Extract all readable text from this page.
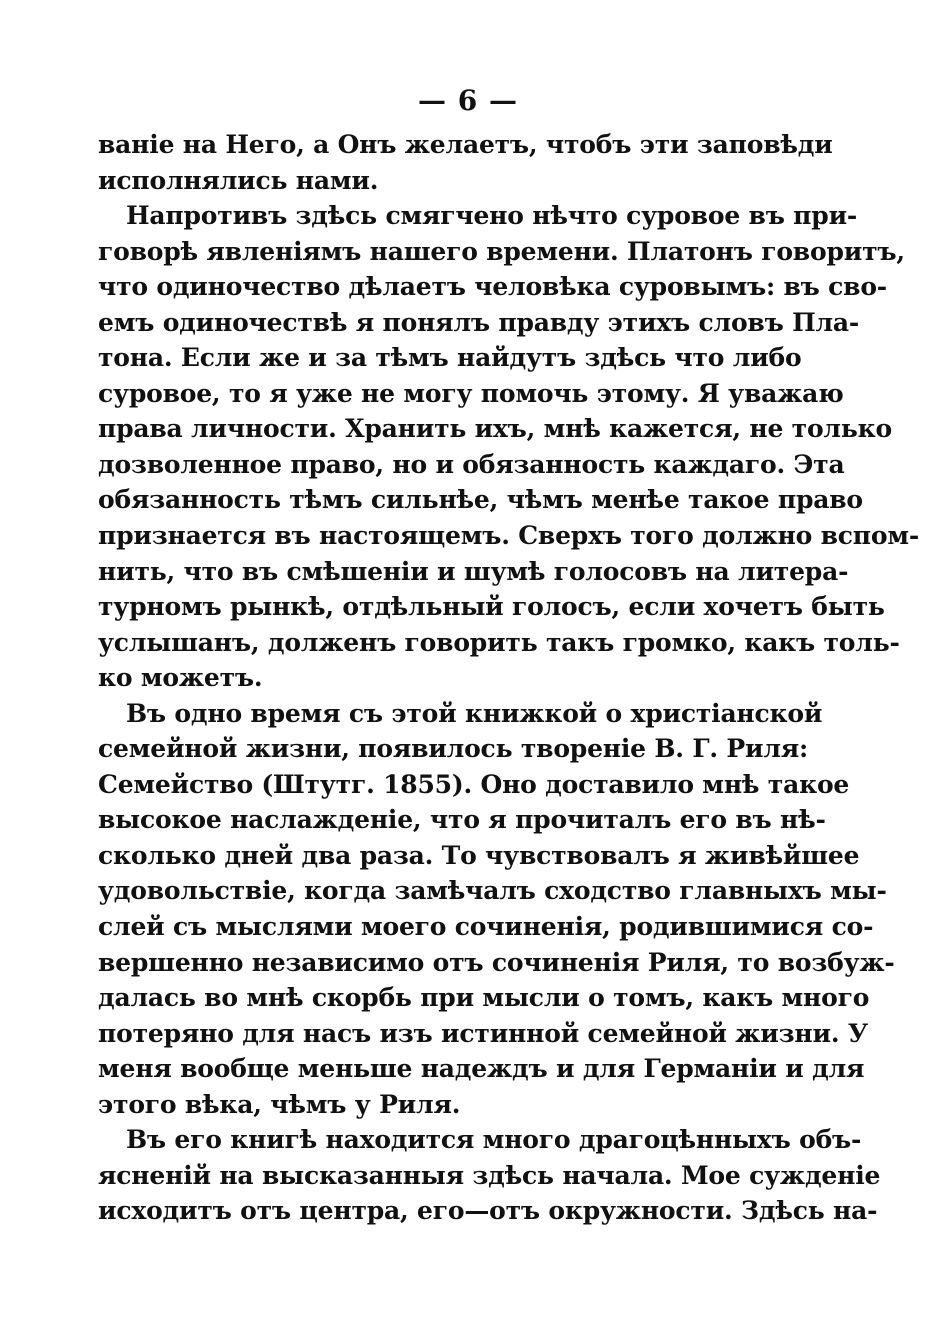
— 6 —
ваніе на Него, а Онъ желаетъ, чтобъ эти заповѣди
исполнялись нами.
Напротивъ здѣсь смягчено нѣчто суровое въ при-
говорѣ явленіямъ нашего времени. Платонъ говоритъ,
что одиночество дѣлаетъ человѣка суровымъ: въ сво-
емъ одиночествѣ я понялъ правду этихъ словъ Пла-
тона. Если же и за тѣмъ найдутъ здѣсь что либо
суровое, то я уже не могу помочь этому. Я уважаю
права личности. Хранить ихъ, мнѣ кажется, не только
дозволенное право, но и обязанность каждаго. Эта
обязанность тѣмъ сильнѣе, чѣмъ менѣе такое право
признается въ настоящемъ. Сверхъ того должно вспом-
нить, что въ смѣшеніи и шумѣ голосовъ на литера-
турномъ рынкѣ, отдѣльный голосъ, если хочетъ быть
услышанъ, долженъ говорить такъ громко, какъ толь-
ко можетъ.
Въ одно время съ этой книжкой о христіанской
семейной жизни, появилось твореніе В. Г. Риля:
Семейство (Штутг. 1855). Оно доставило мнѣ такое
высокое наслажденіе, что я прочиталъ его въ нѣ-
сколько дней два раза. То чувствовалъ я живѣйшее
удовольствіе, когда замѣчалъ сходство главныхъ мы-
слей съ мыслями моего сочиненія, родившимися со-
вершенно независимо отъ сочиненія Риля, то возбуж-
далась во мнѣ скорбь при мысли о томъ, какъ много
потеряно для насъ изъ истинной семейной жизни. У
меня вообще меньше надеждъ и для Германіи и для
этого вѣка, чѣмъ у Риля.
Въ его книгѣ находится много драгоцѣнныхъ объ-
ясненій на высказанныя здѣсь начала. Мое сужденіе
исходитъ отъ центра, его—отъ окружности. Здѣсь на-
